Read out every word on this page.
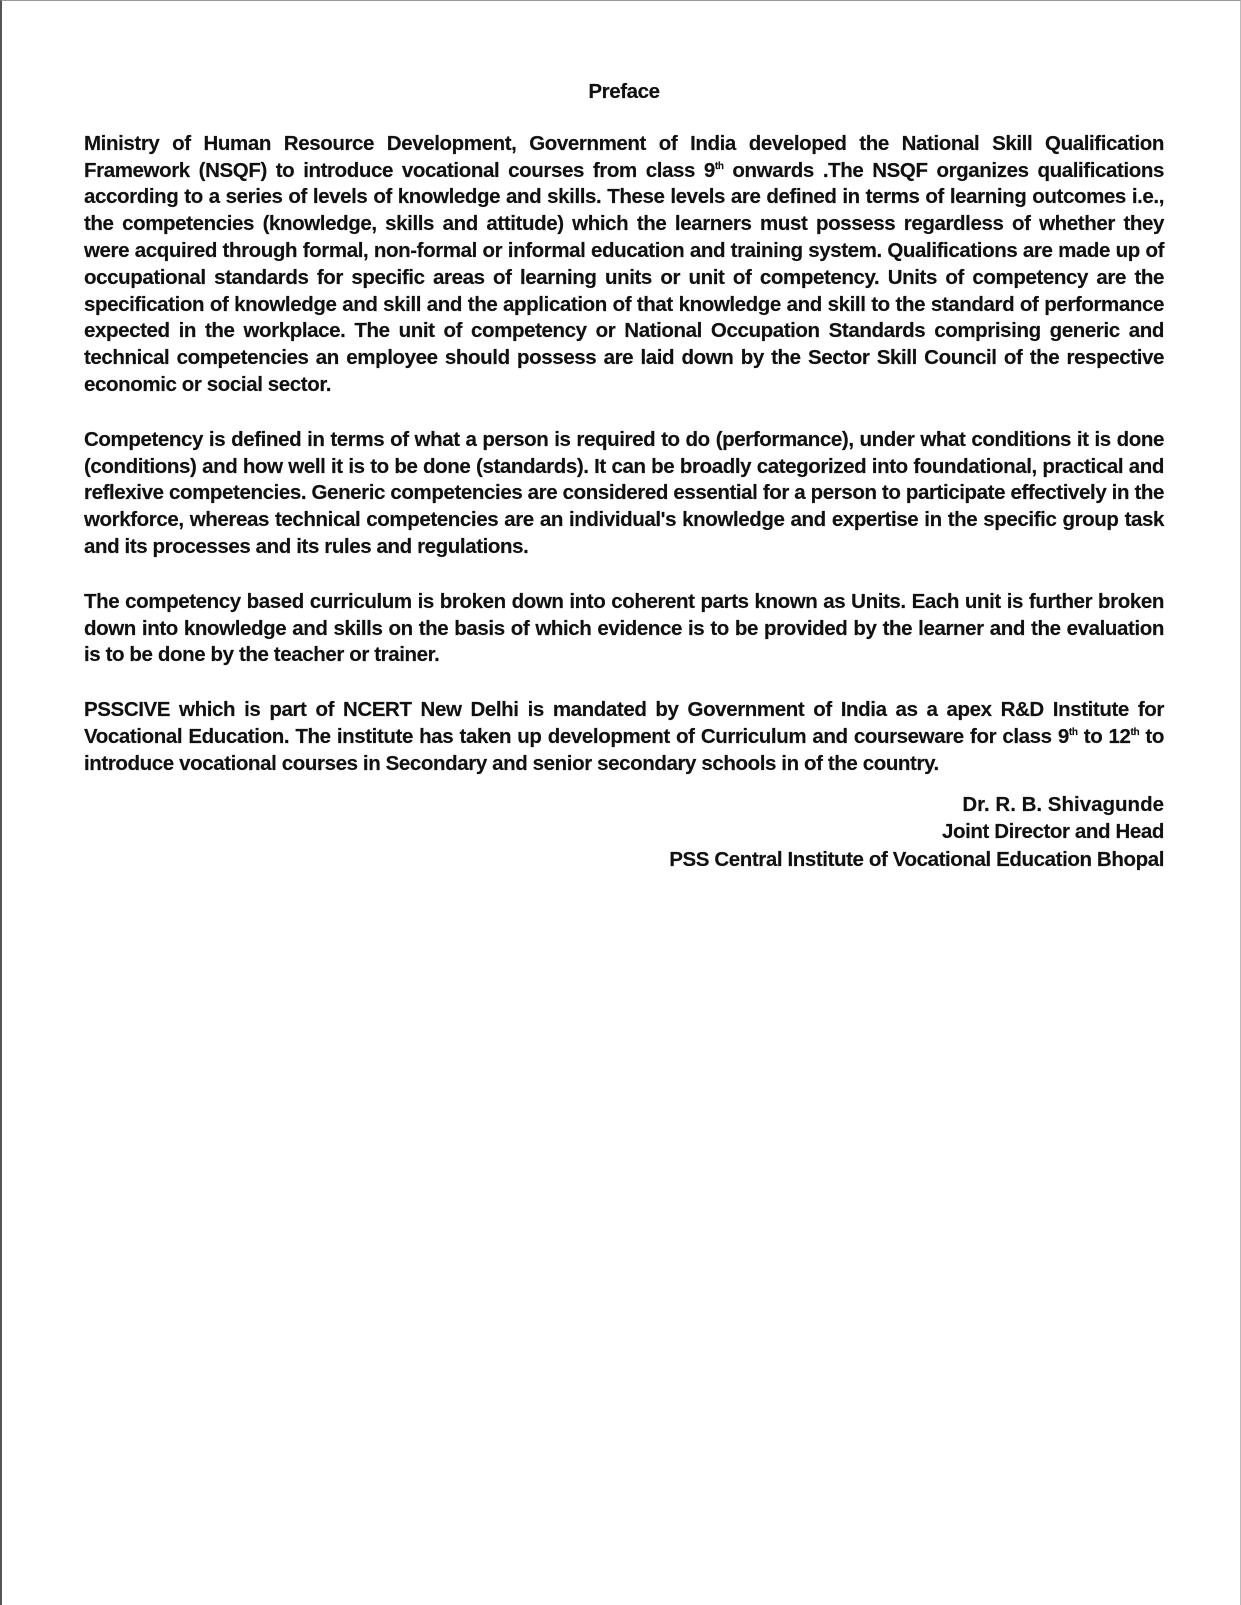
Preface

Ministry of Human Resource Development, Government of India developed the National Skill Qualification Framework (NSQF) to introduce vocational courses from class 9th onwards .The NSQF organizes qualifications according to a series of levels of knowledge and skills. These levels are defined in terms of learning outcomes i.e., the competencies (knowledge, skills and attitude) which the learners must possess regardless of whether they were acquired through formal, non-formal or informal education and training system. Qualifications are made up of occupational standards for specific areas of learning units or unit of competency. Units of competency are the specification of knowledge and skill and the application of that knowledge and skill to the standard of performance expected in the workplace. The unit of competency or National Occupation Standards comprising generic and technical competencies an employee should possess are laid down by the Sector Skill Council of the respective economic or social sector.

Competency is defined in terms of what a person is required to do (performance), under what conditions it is done (conditions) and how well it is to be done (standards). It can be broadly categorized into foundational, practical and reflexive competencies. Generic competencies are considered essential for a person to participate effectively in the workforce, whereas technical competencies are an individual's knowledge and expertise in the specific group task and its processes and its rules and regulations.

The competency based curriculum is broken down into coherent parts known as Units. Each unit is further broken down into knowledge and skills on the basis of which evidence is to be provided by the learner and the evaluation is to be done by the teacher or trainer.

PSSCIVE which is part of NCERT New Delhi is mandated by Government of India as a apex R&D Institute for Vocational Education. The institute has taken up development of Curriculum and courseware for class 9th to 12th to introduce vocational courses in Secondary and senior secondary schools in of the country.

Dr. R. B. Shivagunde
Joint Director and Head
PSS Central Institute of Vocational Education Bhopal
